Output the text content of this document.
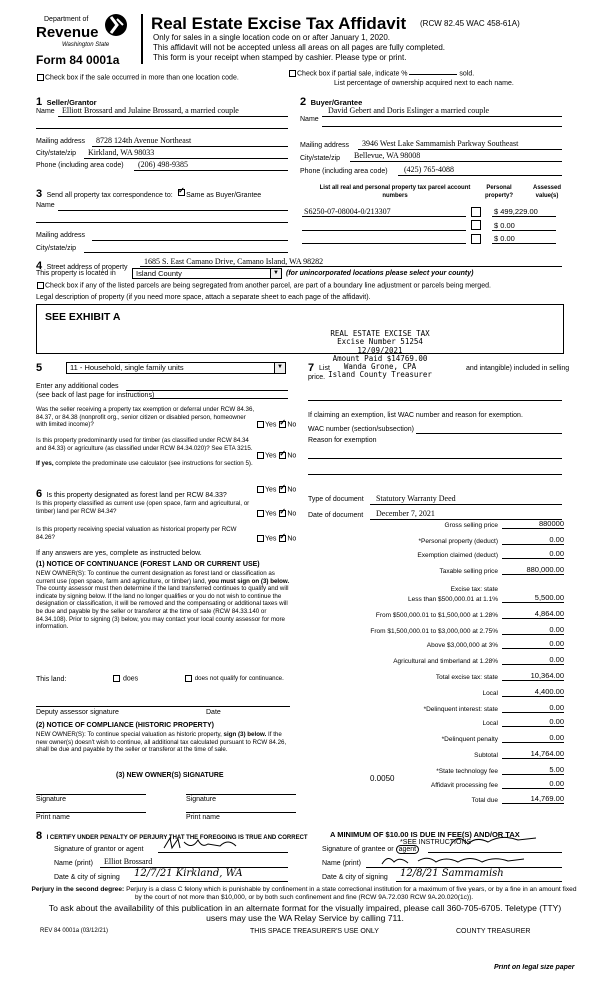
Department of
Revenue
Washington State
Form 84 0001a
Real Estate Excise Tax Affidavit (RCW 82.45 WAC 458-61A)
Only for sales in a single location code on or after January 1, 2020.
This affidavit will not be accepted unless all areas on all pages are fully completed.
This form is your receipt when stamped by cashier. Please type or print.
Check box if the sale occurred in more than one location code.
Check box if partial sale, indicate %	sold.
List percentage of ownership acquired next to each name.
1 Seller/Grantor
Name Elliott Brossard and Julaine Brossard, a married couple
Mailing address 8728 124th Avenue Northeast
City/state/zip Kirkland, WA 98033
Phone (including area code) (206) 498-9385
2 Buyer/Grantee
Name
David Gebert and Doris Eslinger a married couple
Mailing address 3946 West Lake Sammamish Parkway Southeast
City/state/zip Bellevue, WA 98008
Phone (including area code) (425) 765-4088
3 Send all property tax correspondence to: ✓ Same as Buyer/Grantee
Name
Mailing address
City/state/zip
List all real and personal property tax parcel account numbers
Personal property?
Assessed value(s)
S6250-07-08004-0/213307	$ 499,229.00
$ 0.00
$ 0.00
4 Street address of property
1685 S. East Camano Drive, Camano Island, WA 98282
This property is located in	Island County	▼ (for unincorporated locations please select your county)
Check box if any of the listed parcels are being segregated from another parcel, are part of a boundary line adjustment or parcels being merged.
Legal description of property (if you need more space, attach a separate sheet to each page of the affidavit).
SEE EXHIBIT A
REAL ESTATE EXCISE TAX
Excise Number 51254
12/09/2021
Amount Paid $14769.00
Wanda Grone, CPA
Island County Treasurer
5	11 - Household, single family units	▼ 7 List
price.
and intangible) included in selling
Enter any additional codes
(see back of last page for instructions)
Was the seller receiving a property tax exemption or deferral under RCW 84.36, 84.37, or 84.38 (nonprofit org., senior citizen or disabled person, homeowner with limited income)?	Yes ✓ No
Is this property predominantly used for timber (as classified under RCW 84.34 and 84.33) or agriculture (as classified under RCW 84.34.020)? See ETA 3215.
Yes ✓ No
If yes, complete the predominate use calculator (see instructions for section 5).
If claiming an exemption, list WAC number and reason for exemption.
WAC number (section/subsection)
Reason for exemption
6 Is this property designated as forest land per RCW 84.33?
Yes ✓ No
Is this property classified as current use (open space, farm and agricultural, or timber) land per RCW 84.34?	Yes ✓ No
Is this property receiving special valuation as historical property per RCW 84.26?	Yes ✓ No
If any answers are yes, complete as instructed below.
(1) NOTICE OF CONTINUANCE (FOREST LAND OR CURRENT USE)
NEW OWNER(S): To continue the current designation as forest land or classification as current use (open space, farm and agriculture, or timber) land, you must sign on (3) below. The county assessor must then determine if the land transferred continues to qualify and will indicate by signing below. If the land no longer qualifies or you do not wish to continue the designation or classification, it will be removed and the compensating or additional taxes will be due and payable by the seller or transferor at the time of sale (RCW 84.33.140 or 84.34.108). Prior to signing (3) below, you may contact your local county assessor for more information.
This land:	does	does not qualify for continuance.
Deputy assessor signature	Date
(2) NOTICE OF COMPLIANCE (HISTORIC PROPERTY)
NEW OWNER(S): To continue special valuation as historic property, sign (3) below. If the new owner(s) doesn't wish to continue, all additional tax calculated pursuant to RCW 84.26, shall be due and payable by the seller or transferor at the time of sale.
(3) NEW OWNER(S) SIGNATURE
Signature	Signature
Print name	Print name
Type of document Statutory Warranty Deed
Date of document December 7, 2021
Gross selling price	880000
*Personal property (deduct)	0.00
Exemption claimed (deduct)	0.00
Taxable selling price	880,000.00
Excise tax: state
Less than $500,000.01 at 1.1%	5,500.00
From $500,000.01 to $1,500,000 at 1.28%	4,864.00
From $1,500,000.01 to $3,000,000 at 2.75%	0.00
Above $3,000,000 at 3%	0.00
Agricultural and timberland at 1.28%	0.00
Total excise tax: state	10,364.00
Local	4,400.00
*Delinquent interest: state	0.00
Local	0.00
*Delinquent penalty	0.00
Subtotal	14,764.00
*State technology fee	5.00
Affidavit processing fee	0.00
Total due	14,769.00
0.0050
A MINIMUM OF $10.00 IS DUE IN FEE(S) AND/OR TAX
*SEE INSTRUCTIONS
8 I CERTIFY UNDER PENALTY OF PERJURY THAT THE FOREGOING IS TRUE AND CORRECT
Signature of grantor or agent
Name (print) Elliot Brossard
Date & city of signing 12/7/21 Kirkland, WA
Signature of grantee or agent
Name (print)
Date & city of signing 12/8/21 Sammamish
Perjury in the second degree: Perjury is a class C felony which is punishable by confinement in a state correctional institution for a maximum of five years, or by a fine in an amount fixed by the court of not more than $10,000, or by both such confinement and fine (RCW 9A.72.030 RCW 9A.20.020(1c)).
To ask about the availability of this publication in an alternate format for the visually impaired, please call 360-705-6705. Teletype (TTY) users may use the WA Relay Service by calling 711.
REV 84 0001a (03/12/21)	THIS SPACE TREASURER'S USE ONLY	COUNTY TREASURER
Print on legal size paper
